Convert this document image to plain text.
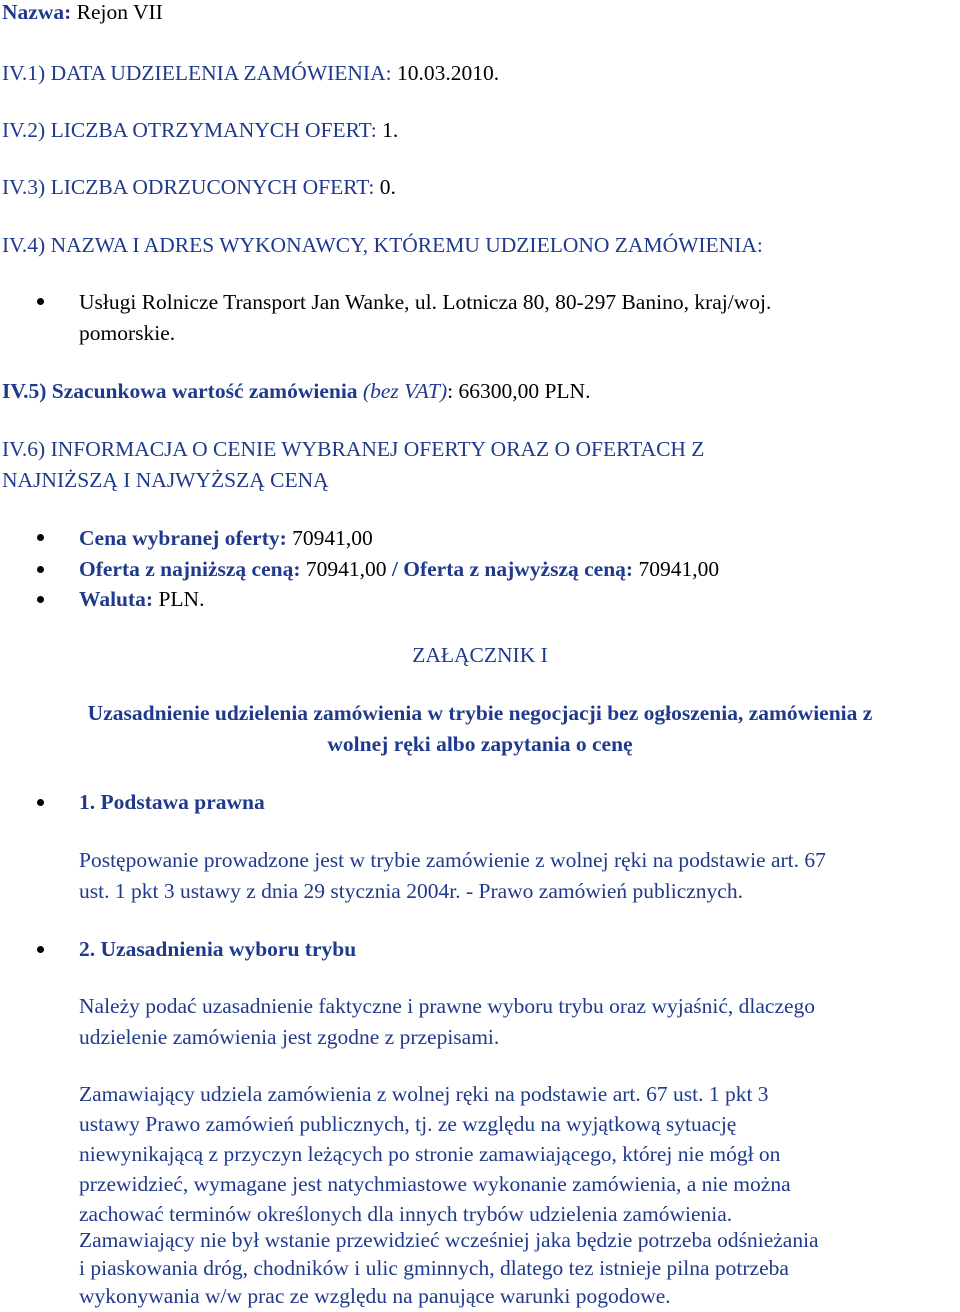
Nazwa: Rejon VII
IV.1) DATA UDZIELENIA ZAMÓWIENIA: 10.03.2010.
IV.2) LICZBA OTRZYMANYCH OFERT: 1.
IV.3) LICZBA ODRZUCONYCH OFERT: 0.
IV.4) NAZWA I ADRES WYKONAWCY, KTÓREMU UDZIELONO ZAMÓWIENIA:
Usługi Rolnicze Transport Jan Wanke, ul. Lotnicza 80, 80-297 Banino, kraj/woj.
pomorskie.
IV.5) Szacunkowa wartość zamówienia (bez VAT): 66300,00 PLN.
IV.6) INFORMACJA O CENIE WYBRANEJ OFERTY ORAZ O OFERTACH Z
NAJNIŻSZĄ I NAJWYŻSZĄ CENĄ
Cena wybranej oferty: 70941,00
Oferta z najniższą ceną: 70941,00 / Oferta z najwyższą ceną: 70941,00
Waluta: PLN.
ZAŁĄCZNIK I
Uzasadnienie udzielenia zamówienia w trybie negocjacji bez ogłoszenia, zamówienia z
wolnej ręki albo zapytania o cenę
1. Podstawa prawna
Postępowanie prowadzone jest w trybie zamówienie z wolnej ręki na podstawie art. 67
ust. 1 pkt 3 ustawy z dnia 29 stycznia 2004r. - Prawo zamówień publicznych.
2. Uzasadnienia wyboru trybu
Należy podać uzasadnienie faktyczne i prawne wyboru trybu oraz wyjaśnić, dlaczego
udzielenie zamówienia jest zgodne z przepisami.
Zamawiający udziela zamówienia z wolnej ręki na podstawie art. 67 ust. 1 pkt 3
ustawy Prawo zamówień publicznych, tj. ze względu na wyjątkową sytuację
niewynikającą z przyczyn leżących po stronie zamawiającego, której nie mógł on
przewidzieć, wymagane jest natychmiastowe wykonanie zamówienia, a nie można
zachować terminów określonych dla innych trybów udzielenia zamówienia.
Zamawiający nie był wstanie przewidzieć wcześniej jaka będzie potrzeba odśnieżania
i piaskowania dróg, chodników i ulic gminnych, dlatego tez istnieje pilna potrzeba
wykonywania w/w prac ze względu na panujące warunki pogodowe.
